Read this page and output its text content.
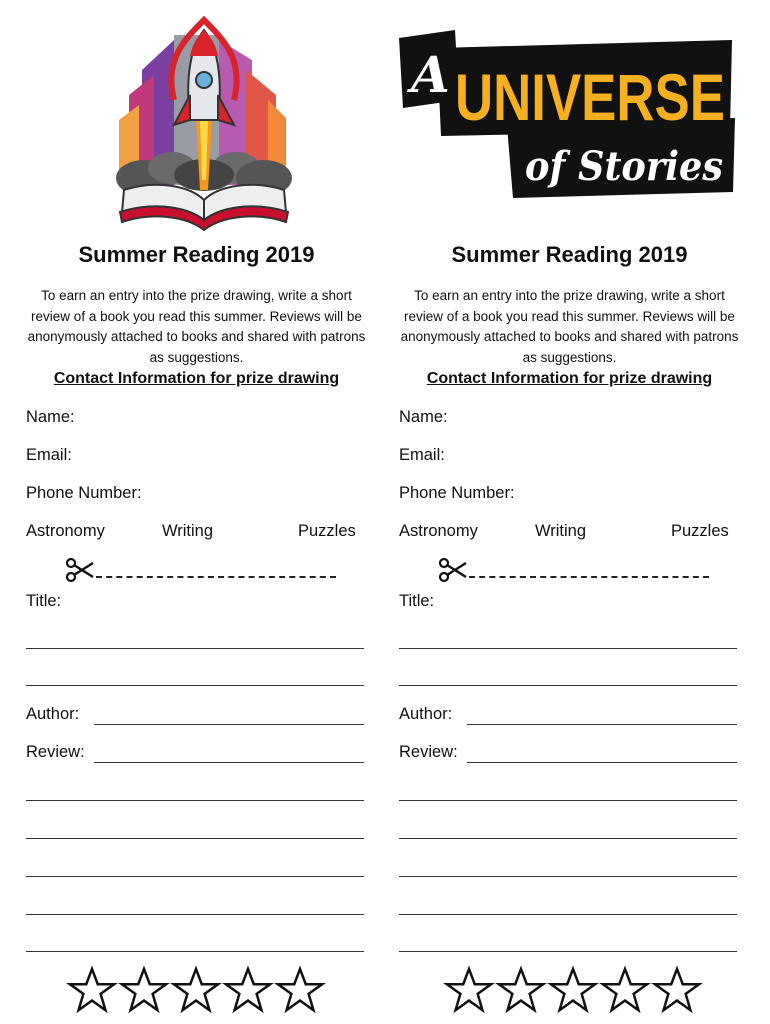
Summer Reading 2019
To earn an entry into the prize drawing, write a short review of a book you read this summer. Reviews will be anonymously attached to books and shared with patrons as suggestions.
Contact Information for prize drawing
Name:
Email:
Phone Number:
Astronomy	Writing	Puzzles
Title:
Author:
Review:
A UNIVERSE
of Stories
Summer Reading 2019
To earn an entry into the prize drawing, write a short review of a book you read this summer. Reviews will be anonymously attached to books and shared with patrons as suggestions.
Contact Information for prize drawing
Name:
Email:
Phone Number:
Astronomy	Writing	Puzzles
Title:
Author:
Review:
